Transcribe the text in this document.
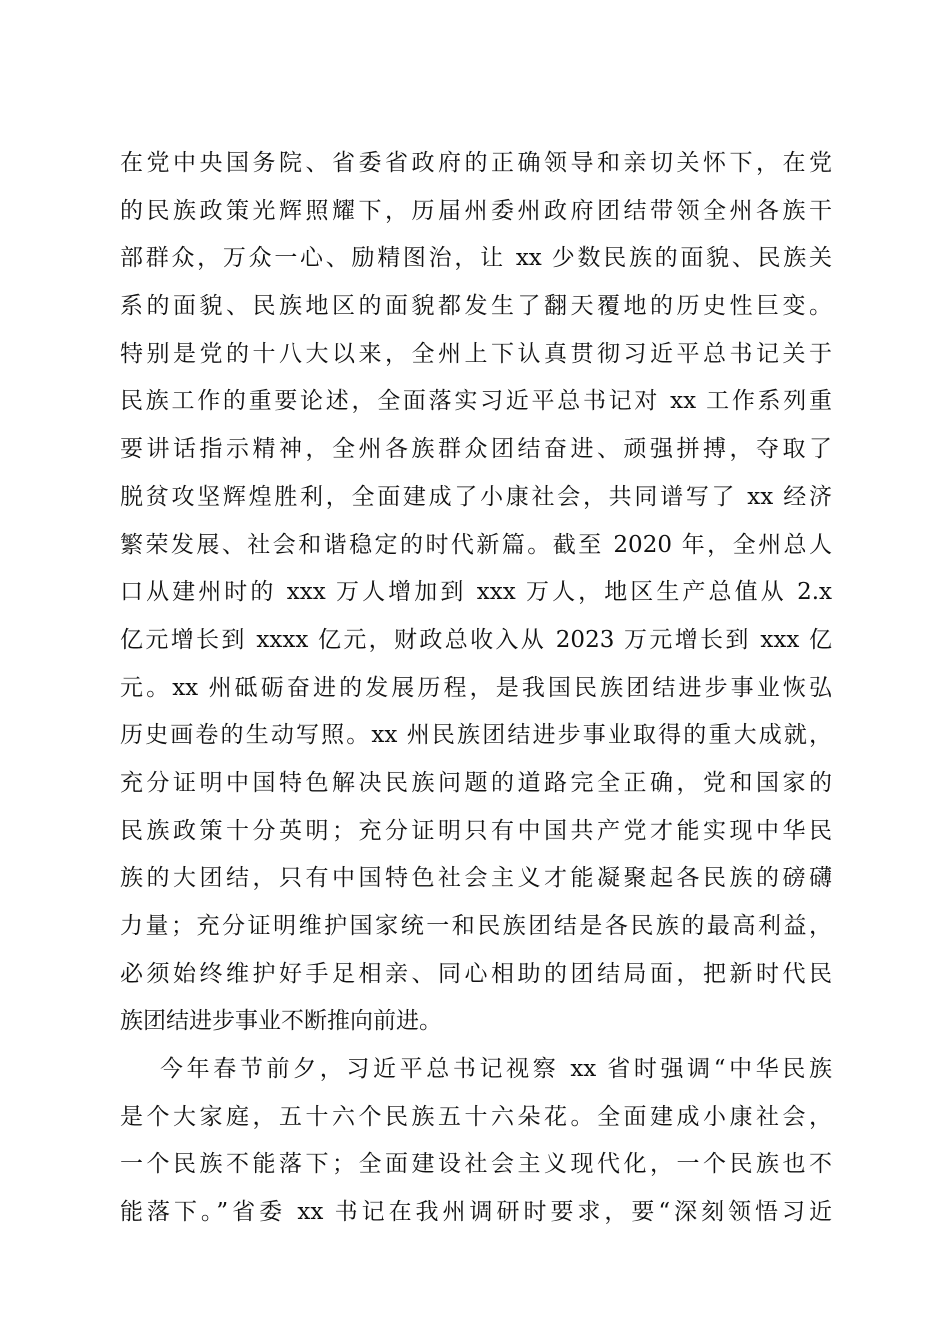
在党中央国务院、省委省政府的正确领导和亲切关怀下，在党
的民族政策光辉照耀下，历届州委州政府团结带领全州各族干
部群众，万众一心、励精图治，让 xx 少数民族的面貌、民族关
系的面貌、民族地区的面貌都发生了翻天覆地的历史性巨变。
特别是党的十八大以来，全州上下认真贯彻习近平总书记关于
民族工作的重要论述，全面落实习近平总书记对 xx 工作系列重
要讲话指示精神，全州各族群众团结奋进、顽强拼搏，夺取了
脱贫攻坚辉煌胜利，全面建成了小康社会，共同谱写了 xx 经济
繁荣发展、社会和谐稳定的时代新篇。截至 2020 年，全州总人
口从建州时的 xxx 万人增加到 xxx 万人，地区生产总值从 2.x
亿元增长到 xxxx 亿元，财政总收入从 2023 万元增长到 xxx 亿
元。xx 州砥砺奋进的发展历程，是我国民族团结进步事业恢弘
历史画卷的生动写照。xx 州民族团结进步事业取得的重大成就，
充分证明中国特色解决民族问题的道路完全正确，党和国家的
民族政策十分英明；充分证明只有中国共产党才能实现中华民
族的大团结，只有中国特色社会主义才能凝聚起各民族的磅礴
力量；充分证明维护国家统一和民族团结是各民族的最高利益，
必须始终维护好手足相亲、同心相助的团结局面，把新时代民
族团结进步事业不断推向前进。
今年春节前夕，习近平总书记视察 xx 省时强调“中华民族
是个大家庭，五十六个民族五十六朵花。全面建成小康社会，
一个民族不能落下；全面建设社会主义现代化，一个民族也不
能落下。”省委 xx 书记在我州调研时要求，要“深刻领悟习近
